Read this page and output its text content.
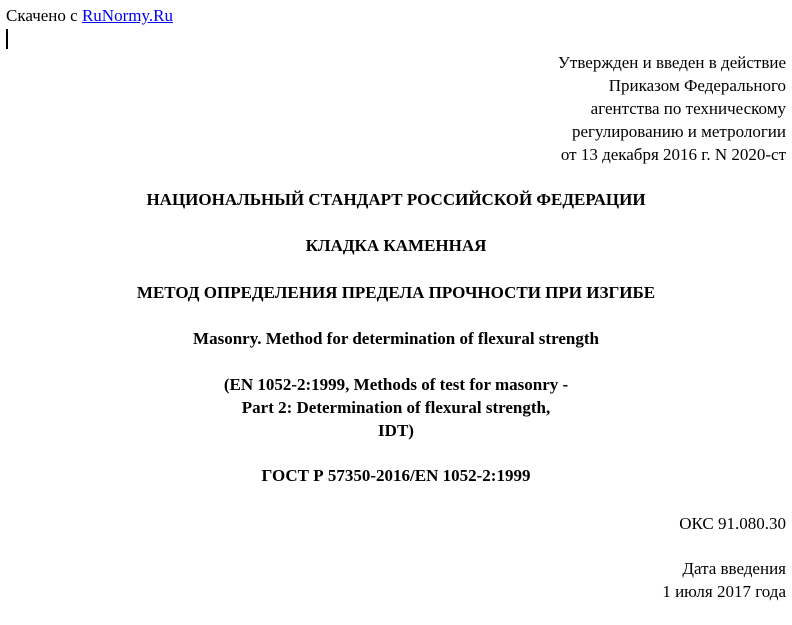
Скачено с RuNormy.Ru
Утвержден и введен в действие
Приказом Федерального
агентства по техническому
регулированию и метрологии
от 13 декабря 2016 г. N 2020-ст
НАЦИОНАЛЬНЫЙ СТАНДАРТ РОССИЙСКОЙ ФЕДЕРАЦИИ
КЛАДКА КАМЕННАЯ
МЕТОД ОПРЕДЕЛЕНИЯ ПРЕДЕЛА ПРОЧНОСТИ ПРИ ИЗГИБЕ
Masonry. Method for determination of flexural strength
(EN 1052-2:1999, Methods of test for masonry -
Part 2: Determination of flexural strength,
IDT)
ГОСТ Р 57350-2016/EN 1052-2:1999
ОКС 91.080.30
Дата введения
1 июля 2017 года
